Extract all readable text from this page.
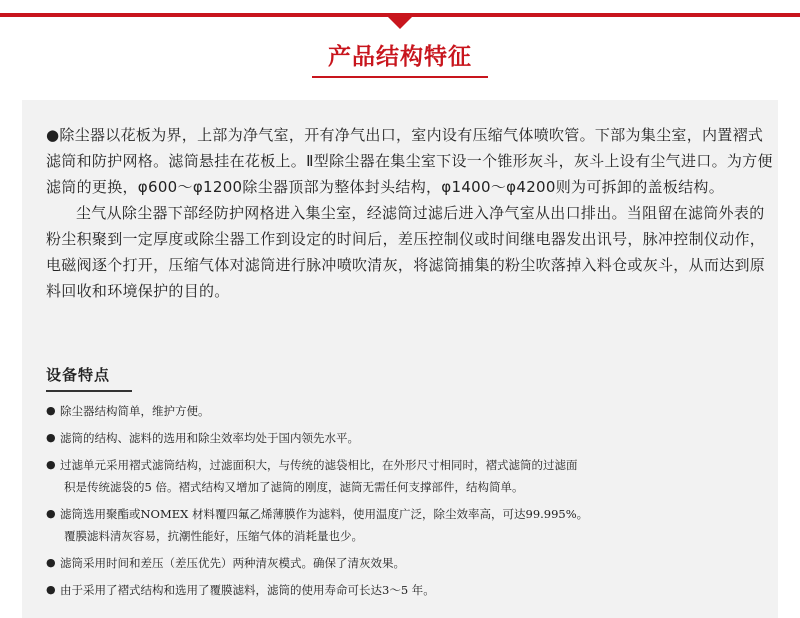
产品结构特征

●除尘器以花板为界，上部为净气室，开有净气出口，室内设有压缩气体喷吹管。下部为集尘室，内置褶式滤筒和防护网格。滤筒悬挂在花板上。Ⅱ型除尘器在集尘室下设一个锥形灰斗，灰斗上设有尘气进口。为方便滤筒的更换，φ600～φ1200除尘器顶部为整体封头结构，φ1400～φ4200则为可拆卸的盖板结构。

尘气从除尘器下部经防护网格进入集尘室，经滤筒过滤后进入净气室从出口排出。当阻留在滤筒外表的粉尘积聚到一定厚度或除尘器工作到设定的时间后，差压控制仪或时间继电器发出讯号，脉冲控制仪动作，电磁阀逐个打开，压缩气体对滤筒进行脉冲喷吹清灰，将滤筒捕集的粉尘吹落掉入料仓或灰斗，从而达到原料回收和环境保护的目的。

设备特点
● 除尘器结构简单，维护方便。
● 滤筒的结构、滤料的选用和除尘效率均处于国内领先水平。
● 过滤单元采用褶式滤筒结构，过滤面积大，与传统的滤袋相比，在外形尺寸相同时，褶式滤筒的过滤面
积是传统滤袋的5 倍。褶式结构又增加了滤筒的刚度，滤筒无需任何支撑部件，结构简单。
● 滤筒选用聚酯或NOMEX 材料覆四氟乙烯薄膜作为滤料，使用温度广泛，除尘效率高，可达99.995%。
覆膜滤料清灰容易，抗潮性能好，压缩气体的消耗量也少。
● 滤筒采用时间和差压（差压优先）两种清灰模式。确保了清灰效果。
● 由于采用了褶式结构和选用了覆膜滤料，滤筒的使用寿命可长达3～5 年。
